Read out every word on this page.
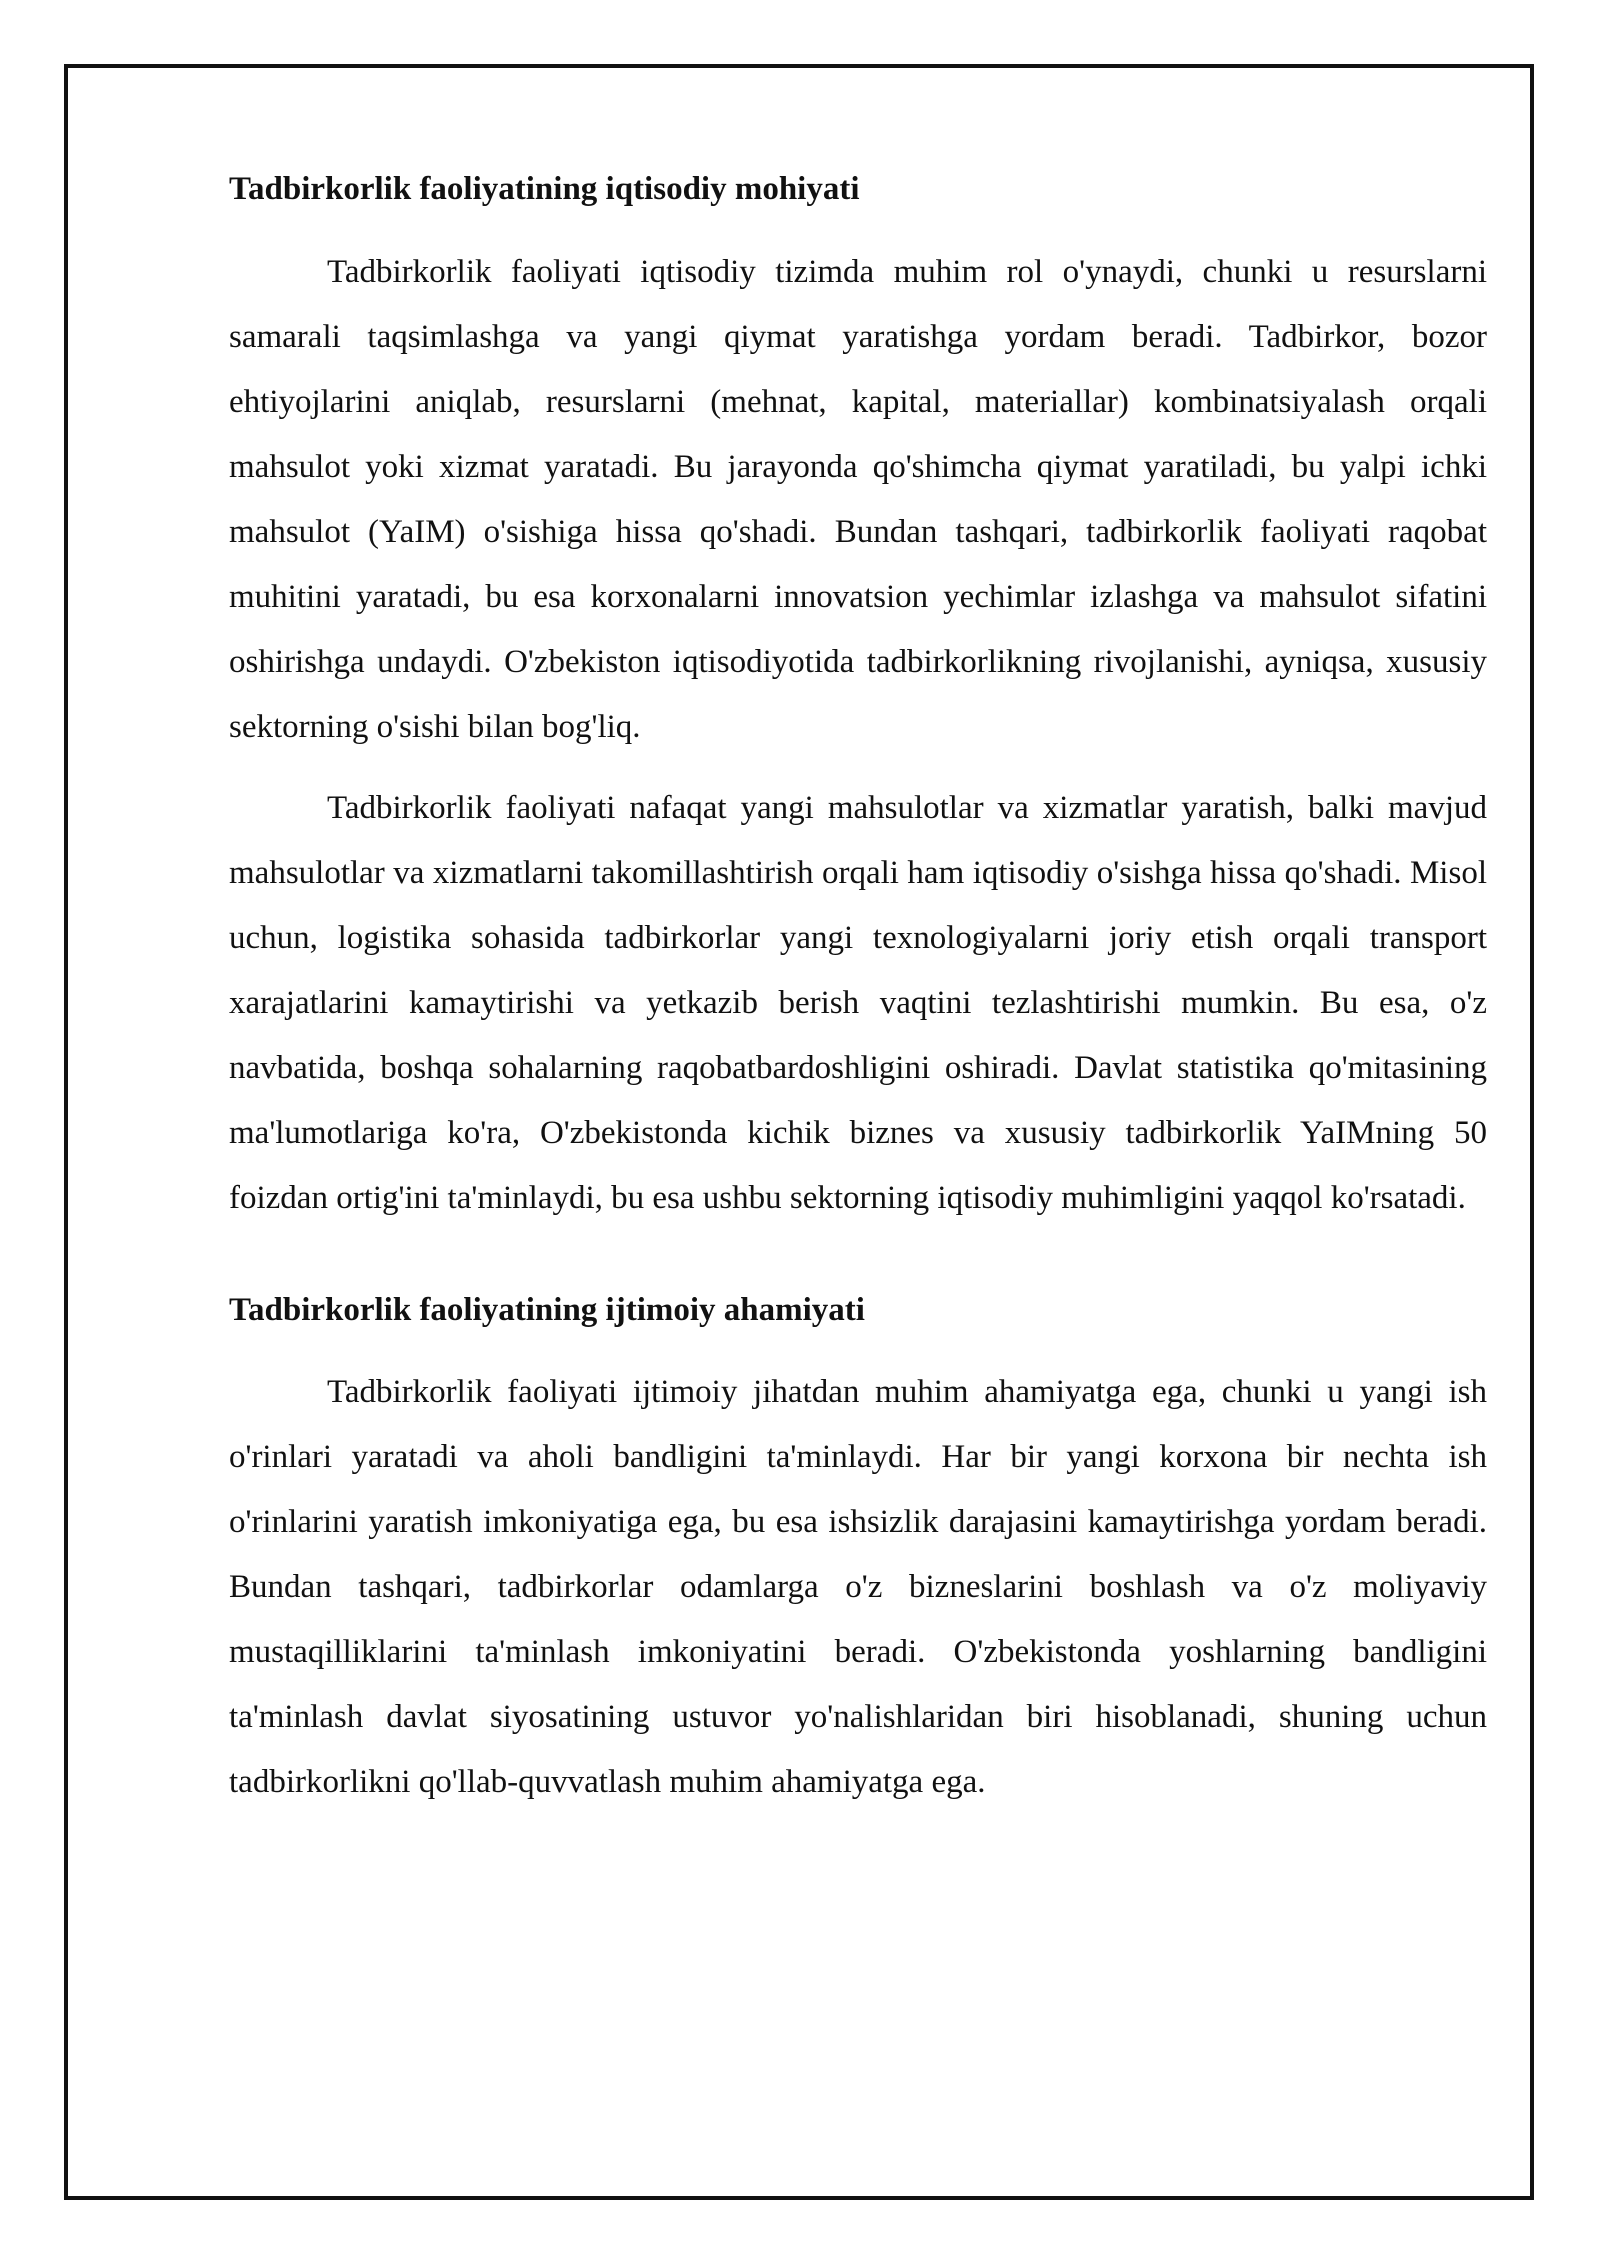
Tadbirkorlik faoliyatining iqtisodiy mohiyati

Tadbirkorlik faoliyati iqtisodiy tizimda muhim rol o'ynaydi, chunki u resurslarni samarali taqsimlashga va yangi qiymat yaratishga yordam beradi. Tadbirkor, bozor ehtiyojlarini aniqlab, resurslarni (mehnat, kapital, materiallar) kombinatsiyalash orqali mahsulot yoki xizmat yaratadi. Bu jarayonda qo'shimcha qiymat yaratiladi, bu yalpi ichki mahsulot (YaIM) o'sishiga hissa qo'shadi. Bundan tashqari, tadbirkorlik faoliyati raqobat muhitini yaratadi, bu esa korxonalarni innovatsion yechimlar izlashga va mahsulot sifatini oshirishga undaydi. O'zbekiston iqtisodiyotida tadbirkorlikning rivojlanishi, ayniqsa, xususiy sektorning o'sishi bilan bog'liq.

Tadbirkorlik faoliyati nafaqat yangi mahsulotlar va xizmatlar yaratish, balki mavjud mahsulotlar va xizmatlarni takomillashtirish orqali ham iqtisodiy o'sishga hissa qo'shadi. Misol uchun, logistika sohasida tadbirkorlar yangi texnologiyalarni joriy etish orqali transport xarajatlarini kamaytirishi va yetkazib berish vaqtini tezlashtirishi mumkin. Bu esa, o'z navbatida, boshqa sohalarning raqobatbardoshligini oshiradi. Davlat statistika qo'mitasining ma'lumotlariga ko'ra, O'zbekistonda kichik biznes va xususiy tadbirkorlik YaIMning 50 foizdan ortig'ini ta'minlaydi, bu esa ushbu sektorning iqtisodiy muhimligini yaqqol ko'rsatadi.

Tadbirkorlik faoliyatining ijtimoiy ahamiyati

Tadbirkorlik faoliyati ijtimoiy jihatdan muhim ahamiyatga ega, chunki u yangi ish o'rinlari yaratadi va aholi bandligini ta'minlaydi. Har bir yangi korxona bir nechta ish o'rinlarini yaratish imkoniyatiga ega, bu esa ishsizlik darajasini kamaytirishga yordam beradi. Bundan tashqari, tadbirkorlar odamlarga o'z bizneslarini boshlash va o'z moliyaviy mustaqilliklarini ta'minlash imkoniyatini beradi. O'zbekistonda yoshlarning bandligini ta'minlash davlat siyosatining ustuvor yo'nalishlaridan biri hisoblanadi, shuning uchun tadbirkorlikni qo'llab-quvvatlash muhim ahamiyatga ega.
